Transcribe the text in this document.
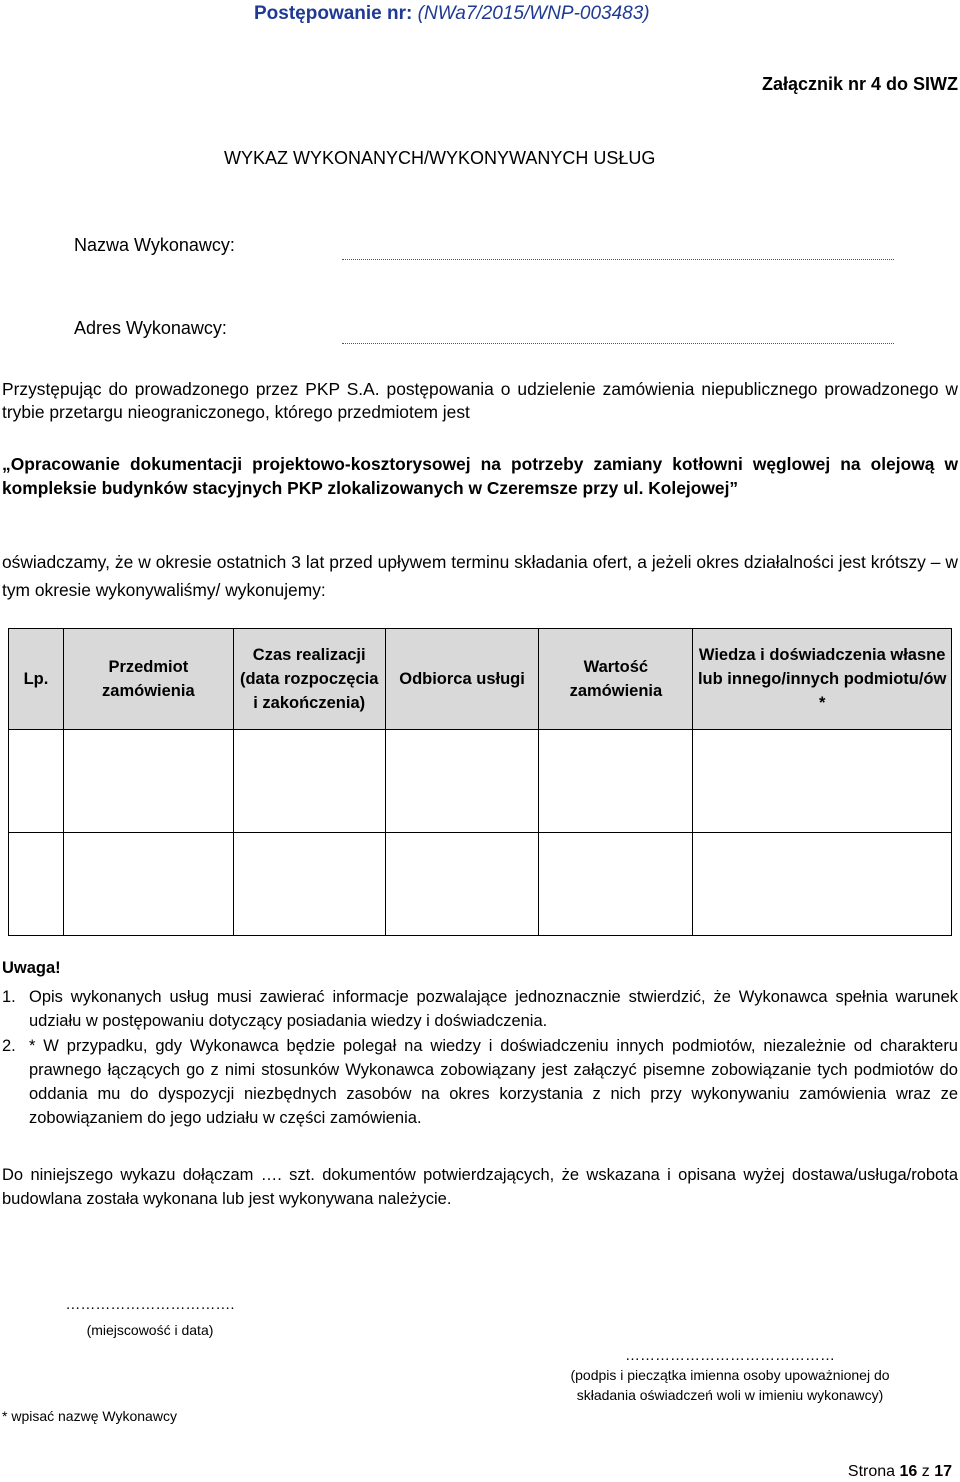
Postępowanie nr: (NWa7/2015/WNP-003483)
Załącznik nr 4 do SIWZ
WYKAZ WYKONANYCH/WYKONYWANYCH USŁUG
Nazwa Wykonawcy:
Adres Wykonawcy:
Przystępując do prowadzonego przez PKP S.A. postępowania o udzielenie zamówienia niepublicznego prowadzonego w trybie przetargu nieograniczonego, którego przedmiotem jest
„Opracowanie dokumentacji projektowo-kosztorysowej na potrzeby zamiany kotłowni węglowej na olejową w kompleksie budynków stacyjnych PKP zlokalizowanych w Czeremsze przy ul. Kolejowej”
oświadczamy, że w okresie ostatnich 3 lat przed upływem terminu składania ofert, a jeżeli okres działalności jest krótszy – w tym okresie wykonywaliśmy/ wykonujemy:
Lp.	Przedmiot zamówienia	Czas realizacji (data rozpoczęcia i zakończenia)	Odbiorca usługi	Wartość zamówienia	Wiedza i doświadczenia własne lub innego/innych podmiotu/ów *

Uwaga!
1. Opis wykonanych usług musi zawierać informacje pozwalające jednoznacznie stwierdzić, że Wykonawca spełnia warunek udziału w postępowaniu dotyczący posiadania wiedzy i doświadczenia.
2. * W przypadku, gdy Wykonawca będzie polegał na wiedzy i doświadczeniu innych podmiotów, niezależnie od charakteru prawnego łączących go z nimi stosunków Wykonawca zobowiązany jest załączyć pisemne zobowiązanie tych podmiotów do oddania mu do dyspozycji niezbędnych zasobów na okres korzystania z nich przy wykonywaniu zamówienia wraz ze zobowiązaniem do jego udziału w części zamówienia.
Do niniejszego wykazu dołączam …. szt. dokumentów potwierdzających, że wskazana i opisana wyżej dostawa/usługa/robota budowlana została wykonana lub jest wykonywana należycie.
…………………………….
(miejscowość i data)
……………………………………
(podpis i pieczątka imienna osoby upoważnionej do
składania oświadczeń woli w imieniu wykonawcy)
* wpisać nazwę Wykonawcy
Strona 16 z 17
